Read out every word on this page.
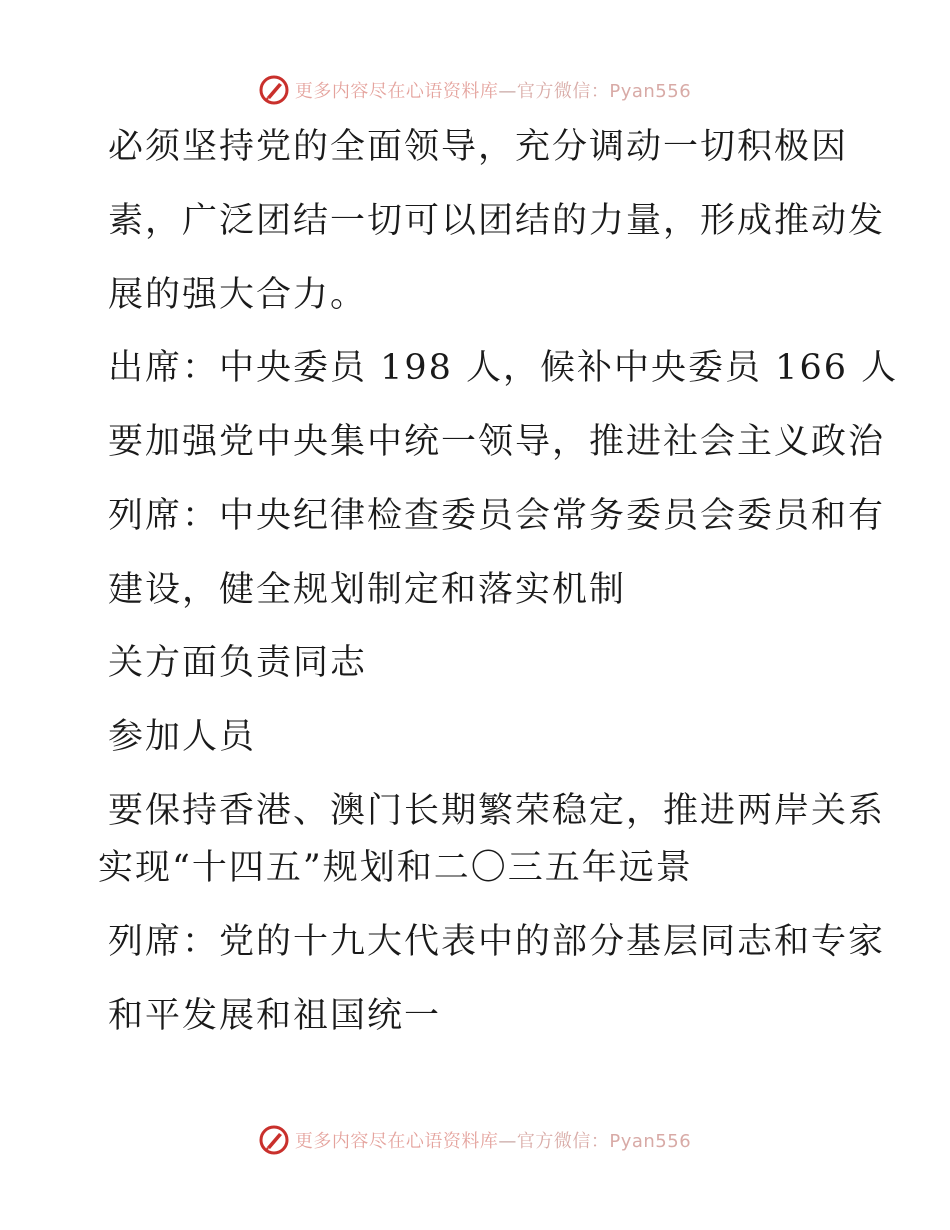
更多内容尽在心语资料库—官方微信：Pyan556
必须坚持党的全面领导，充分调动一切积极因
素，广泛团结一切可以团结的力量，形成推动发
展的强大合力。
出席：中央委员 198 人，候补中央委员 166 人
要加强党中央集中统一领导，推进社会主义政治
列席：中央纪律检查委员会常务委员会委员和有
建设，健全规划制定和落实机制
关方面负责同志
参加人员
要保持香港、澳门长期繁荣稳定，推进两岸关系
实现“十四五”规划和二〇三五年远景
列席：党的十九大代表中的部分基层同志和专家
和平发展和祖国统一
更多内容尽在心语资料库—官方微信：Pyan556
